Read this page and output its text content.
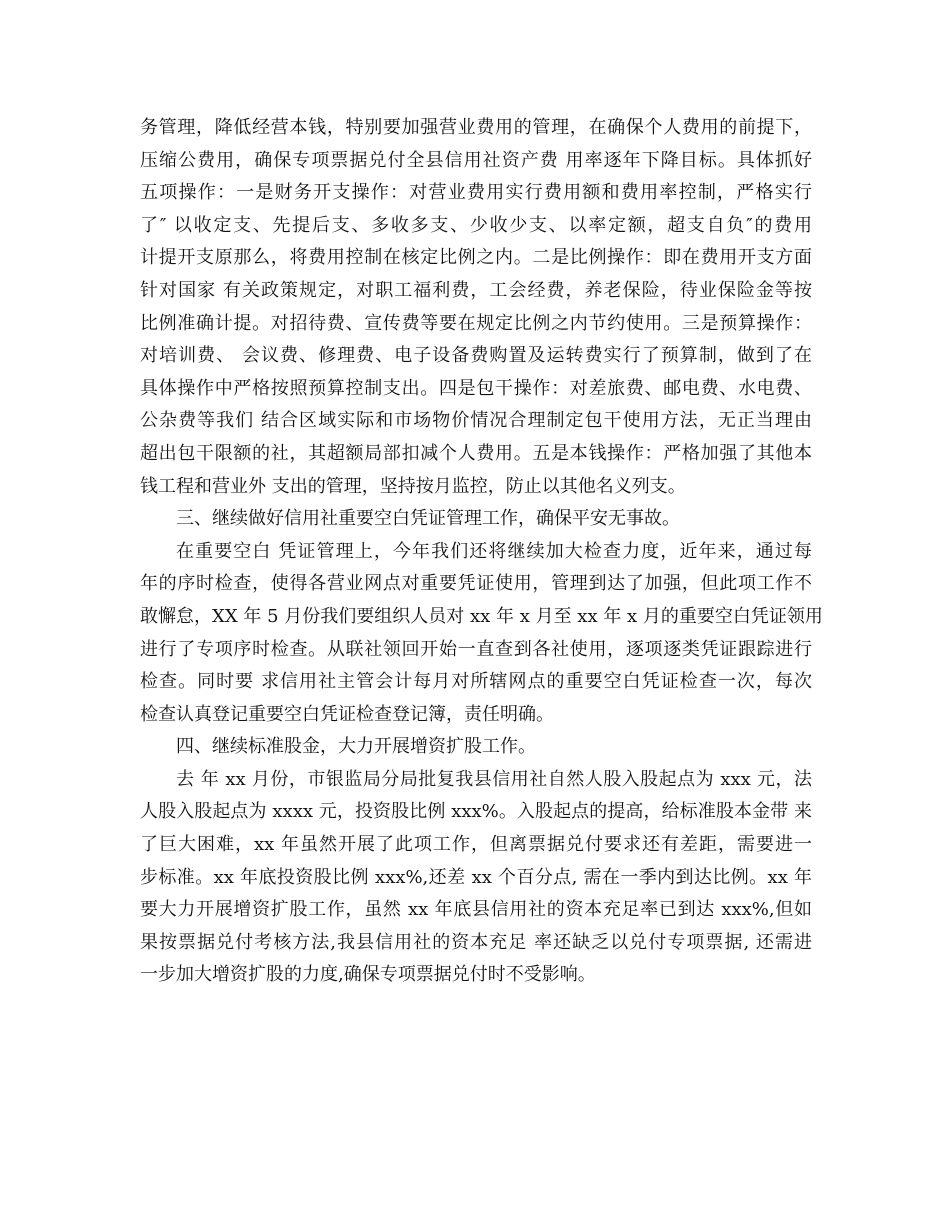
务管理，降低经营本钱，特别要加强营业费用的管理，在确保个人费用的前提下，
压缩公费用，确保专项票据兑付全县信用社资产费 用率逐年下降目标。具体抓好
五项操作：一是财务开支操作：对营业费用实行费用额和费用率控制，严格实行
了″ 以收定支、先提后支、多收多支、少收少支、以率定额，超支自负″的费用
计提开支原那么，将费用控制在核定比例之内。二是比例操作：即在费用开支方面
针对国家 有关政策规定，对职工福利费，工会经费，养老保险，待业保险金等按
比例准确计提。对招待费、宣传费等要在规定比例之内节约使用。三是预算操作：
对培训费、 会议费、修理费、电子设备费购置及运转费实行了预算制，做到了在
具体操作中严格按照预算控制支出。四是包干操作：对差旅费、邮电费、水电费、
公杂费等我们 结合区域实际和市场物价情况合理制定包干使用方法，无正当理由
超出包干限额的社，其超额局部扣减个人费用。五是本钱操作：严格加强了其他本
钱工程和营业外 支出的管理，坚持按月监控，防止以其他名义列支。
三、继续做好信用社重要空白凭证管理工作，确保平安无事故。
在重要空白 凭证管理上，今年我们还将继续加大检查力度，近年来，通过每
年的序时检查，使得各营业网点对重要凭证使用，管理到达了加强，但此项工作不
敢懈怠，XX 年 5 月份我们要组织人员对 xx 年 x 月至 xx 年 x 月的重要空白凭证领用
进行了专项序时检查。从联社领回开始一直查到各社使用，逐项逐类凭证跟踪进行
检查。同时要 求信用社主管会计每月对所辖网点的重要空白凭证检查一次，每次
检查认真登记重要空白凭证检查登记簿，责任明确。
四、继续标准股金，大力开展增资扩股工作。
去 年 xx 月份，市银监局分局批复我县信用社自然人股入股起点为 xxx 元，法
人股入股起点为 xxxx 元，投资股比例 xxx%。入股起点的提高，给标准股本金带 来
了巨大困难，xx 年虽然开展了此项工作，但离票据兑付要求还有差距，需要进一
步标准。xx 年底投资股比例 xxx%,还差 xx 个百分点, 需在一季内到达比例。xx 年
要大力开展增资扩股工作，虽然 xx 年底县信用社的资本充足率已到达 xxx%,但如
果按票据兑付考核方法,我县信用社的资本充足 率还缺乏以兑付专项票据, 还需进
一步加大增资扩股的力度,确保专项票据兑付时不受影响。
